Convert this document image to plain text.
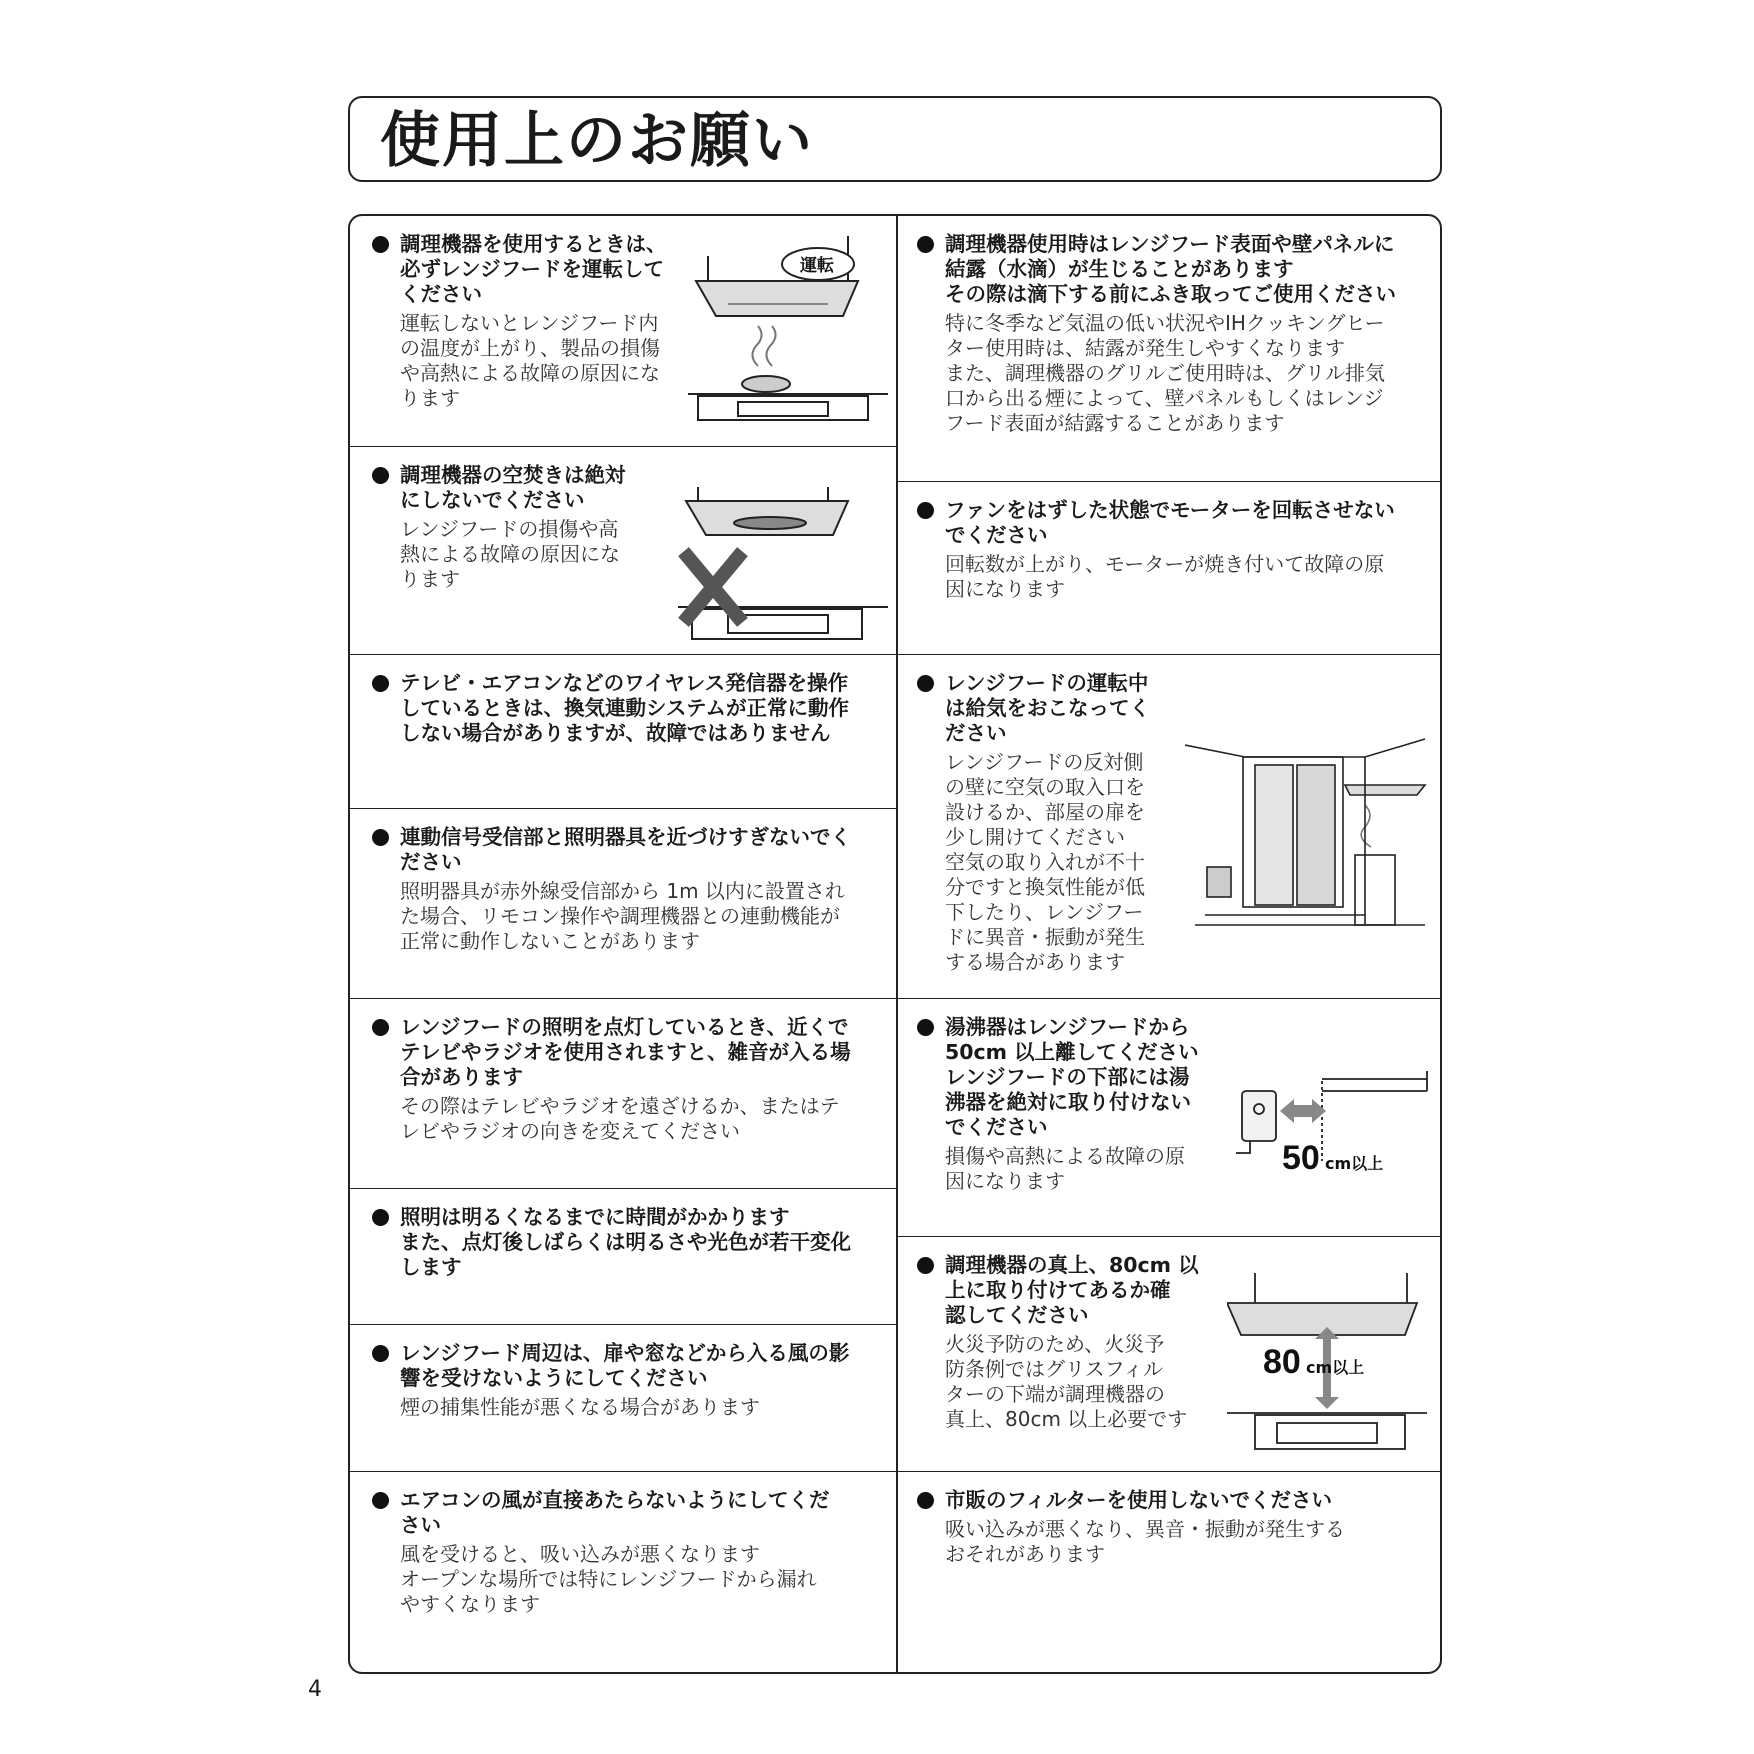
使用上のお願い
調理機器を使用するときは、
必ずレンジフードを運転して
ください
運転しないとレンジフード内
の温度が上がり、製品の損傷
や高熱による故障の原因にな
ります
運転
調理機器の空焚きは絶対
にしないでください
レンジフードの損傷や高
熱による故障の原因にな
ります
テレビ・エアコンなどのワイヤレス発信器を操作
しているときは、換気連動システムが正常に動作
しない場合がありますが、故障ではありません
連動信号受信部と照明器具を近づけすぎないでく
ださい
照明器具が赤外線受信部から 1m 以内に設置され
た場合、リモコン操作や調理機器との連動機能が
正常に動作しないことがあります
レンジフードの照明を点灯しているとき、近くで
テレビやラジオを使用されますと、雑音が入る場
合があります
その際はテレビやラジオを遠ざけるか、またはテ
レビやラジオの向きを変えてください
照明は明るくなるまでに時間がかかります
また、点灯後しばらくは明るさや光色が若干変化
します
レンジフード周辺は、扉や窓などから入る風の影
響を受けないようにしてください
煙の捕集性能が悪くなる場合があります
エアコンの風が直接あたらないようにしてくだ
さい
風を受けると、吸い込みが悪くなります
オープンな場所では特にレンジフードから漏れ
やすくなります
調理機器使用時はレンジフード表面や壁パネルに
結露（水滴）が生じることがあります
その際は滴下する前にふき取ってご使用ください
特に冬季など気温の低い状況やIHクッキングヒー
ター使用時は、結露が発生しやすくなります
また、調理機器のグリルご使用時は、グリル排気
口から出る煙によって、壁パネルもしくはレンジ
フード表面が結露することがあります
ファンをはずした状態でモーターを回転させない
でください
回転数が上がり、モーターが焼き付いて故障の原
因になります
レンジフードの運転中
は給気をおこなってく
ださい
レンジフードの反対側
の壁に空気の取入口を
設けるか、部屋の扉を
少し開けてください
空気の取り入れが不十
分ですと換気性能が低
下したり、レンジフー
ドに異音・振動が発生
する場合があります
湯沸器はレンジフードから
50cm 以上離してください
レンジフードの下部には湯
沸器を絶対に取り付けない
でください
損傷や高熱による故障の原
因になります
50 cm以上
調理機器の真上、80cm 以
上に取り付けてあるか確
認してください
火災予防のため、火災予
防条例ではグリスフィル
ターの下端が調理機器の
真上、80cm 以上必要です
80 cm以上
市販のフィルターを使用しないでください
吸い込みが悪くなり、異音・振動が発生する
おそれがあります
4
